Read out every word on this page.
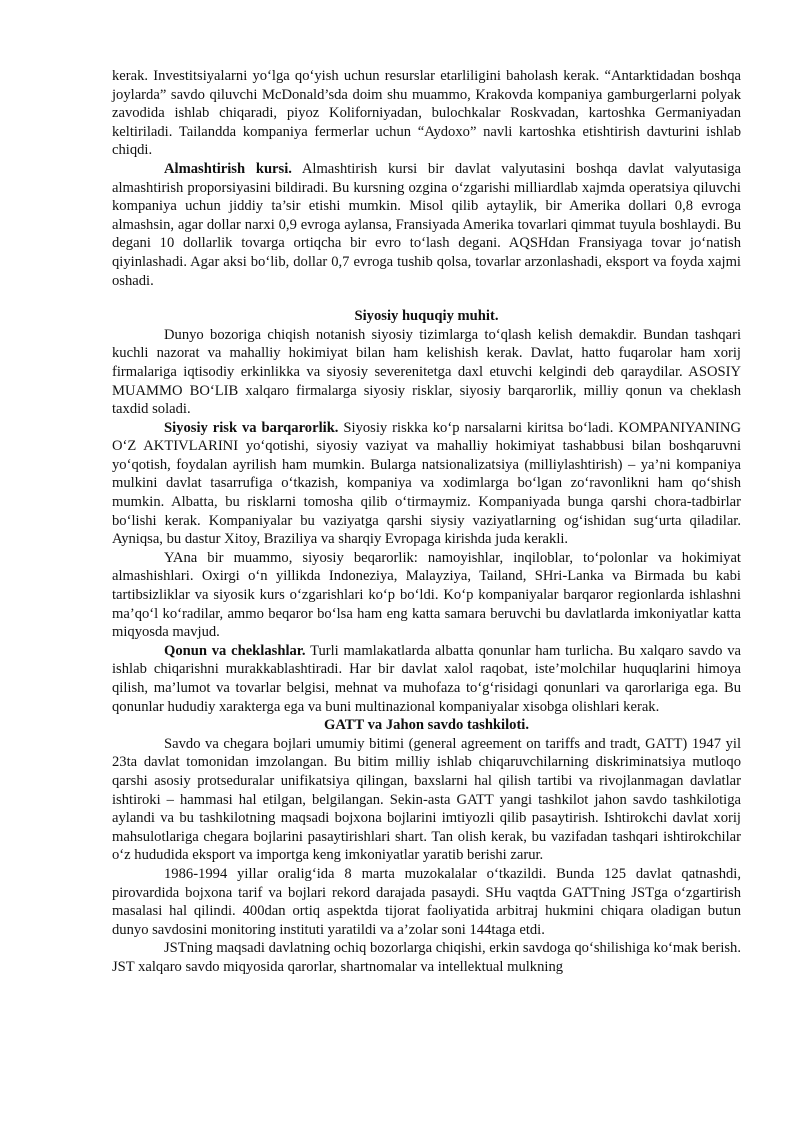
kerak. Investitsiyalarni yo‘lga qo‘yish uchun resurslar etarliligini baholash kerak. “Antarktidadan boshqa joylarda” savdo qiluvchi McDonald’sda doim shu muammo, Krakovda kompaniya gamburgerlarni polyak zavodida ishlab chiqaradi, piyoz Koliforniyadan, bulochkalar Roskvadan, kartoshka Germaniyadan keltiriladi. Tailandda kompaniya fermerlar uchun “Aydoxo” navli kartoshka etishtirish davturini ishlab chiqdi.

Almashtirish kursi. Almashtirish kursi bir davlat valyutasini boshqa davlat valyutasiga almashtirish proporsiyasini bildiradi. Bu kursning ozgina o‘zgarishi milliardlab xajmda operatsiya qiluvchi kompaniya uchun jiddiy ta’sir etishi mumkin. Misol qilib aytaylik, bir Amerika dollari 0,8 evroga almashsin, agar dollar narxi 0,9 evroga aylansa, Fransiyada Amerika tovarlari qimmat tuyula boshlaydi. Bu degani 10 dollarlik tovarga ortiqcha bir evro to‘lash degani. AQSHdan Fransiyaga tovar jo‘natish qiyinlashadi. Agar aksi bo‘lib, dollar 0,7 evroga tushib qolsa, tovarlar arzonlashadi, eksport va foyda xajmi oshadi.

Siyosiy huquqiy muhit.

Dunyo bozoriga chiqish notanish siyosiy tizimlarga to‘qlash kelish demakdir. Bundan tashqari kuchli nazorat va mahalliy hokimiyat bilan ham kelishish kerak. Davlat, hatto fuqarolar ham xorij firmalariga iqtisodiy erkinlikka va siyosiy severenitetga daxl etuvchi kelgindi deb qaraydilar. ASOSIY MUAMMO BO‘LIB xalqaro firmalarga siyosiy risklar, siyosiy barqarorlik, milliy qonun va cheklash taxdid soladi.

Siyosiy risk va barqarorlik. Siyosiy riskka ko‘p narsalarni kiritsa bo‘ladi. KOMPANIYANING O‘Z AKTIVLARINI yo‘qotishi, siyosiy vaziyat va mahalliy hokimiyat tashabbusi bilan boshqaruvni yo‘qotish, foydalan ayrilish ham mumkin. Bularga natsionalizatsiya (milliylashtirish) – ya’ni kompaniya mulkini davlat tasarrufiga o‘tkazish, kompaniya va xodimlarga bo‘lgan zo‘ravonlikni ham qo‘shish mumkin. Albatta, bu risklarni tomosha qilib o‘tirmaymiz. Kompaniyada bunga qarshi chora-tadbirlar bo‘lishi kerak. Kompaniyalar bu vaziyatga qarshi siysiy vaziyatlarning og‘ishidan sug‘urta qiladilar. Ayniqsa, bu dastur Xitoy, Braziliya va sharqiy Evropaga kirishda juda kerakli.

YAna bir muammo, siyosiy beqarorlik: namoyishlar, inqiloblar, to‘polonlar va hokimiyat almashishlari. Oxirgi o‘n yillikda Indoneziya, Malayziya, Tailand, SHri-Lanka va Birmada bu kabi tartibsizliklar va siyosik kurs o‘zgarishlari ko‘p bo‘ldi. Ko‘p kompaniyalar barqaror regionlarda ishlashni ma’qo‘l ko‘radilar, ammo beqaror bo‘lsa ham eng katta samara beruvchi bu davlatlarda imkoniyatlar katta miqyosda mavjud.

Qonun va cheklashlar. Turli mamlakatlarda albatta qonunlar ham turlicha. Bu xalqaro savdo va ishlab chiqarishni murakkablashtiradi. Har bir davlat xalol raqobat, iste’molchilar huquqlarini himoya qilish, ma’lumot va tovarlar belgisi, mehnat va muhofaza to‘g‘risidagi qonunlari va qarorlariga ega. Bu qonunlar hududiy xarakterga ega va buni multinazional kompaniyalar xisobga olishlari kerak.

GATT va Jahon savdo tashkiloti.

Savdo va chegara bojlari umumiy bitimi (general agreement on tariffs and tradt, GATT) 1947 yil 23ta davlat tomonidan imzolangan. Bu bitim milliy ishlab chiqaruvchilarning diskriminatsiya mutloqo qarshi asosiy protseduralar unifikatsiya qilingan, baxslarni hal qilish tartibi va rivojlanmagan davlatlar ishtiroki – hammasi hal etilgan, belgilangan. Sekin-asta GATT yangi tashkilot jahon savdo tashkilotiga aylandi va bu tashkilotning maqsadi bojxona bojlarini imtiyozli qilib pasaytirish. Ishtirokchi davlat xorij mahsulotlariga chegara bojlarini pasaytirishlari shart. Tan olish kerak, bu vazifadan tashqari ishtirokchilar o‘z hududida eksport va importga keng imkoniyatlar yaratib berishi zarur.

1986-1994 yillar oralig‘ida 8 marta muzokalalar o‘tkazildi. Bunda 125 davlat qatnashdi, pirovardida bojxona tarif va bojlari rekord darajada pasaydi. SHu vaqtda GATTning JSTga o‘zgartirish masalasi hal qilindi. 400dan ortiq aspektda tijorat faoliyatida arbitraj hukmini chiqara oladigan butun dunyo savdosini monitoring instituti yaratildi va a’zolar soni 144taga etdi.

JSTning maqsadi davlatning ochiq bozorlarga chiqishi, erkin savdoga qo‘shilishiga ko‘mak berish. JST xalqaro savdo miqyosida qarorlar, shartnomalar va intellektual mulkning
